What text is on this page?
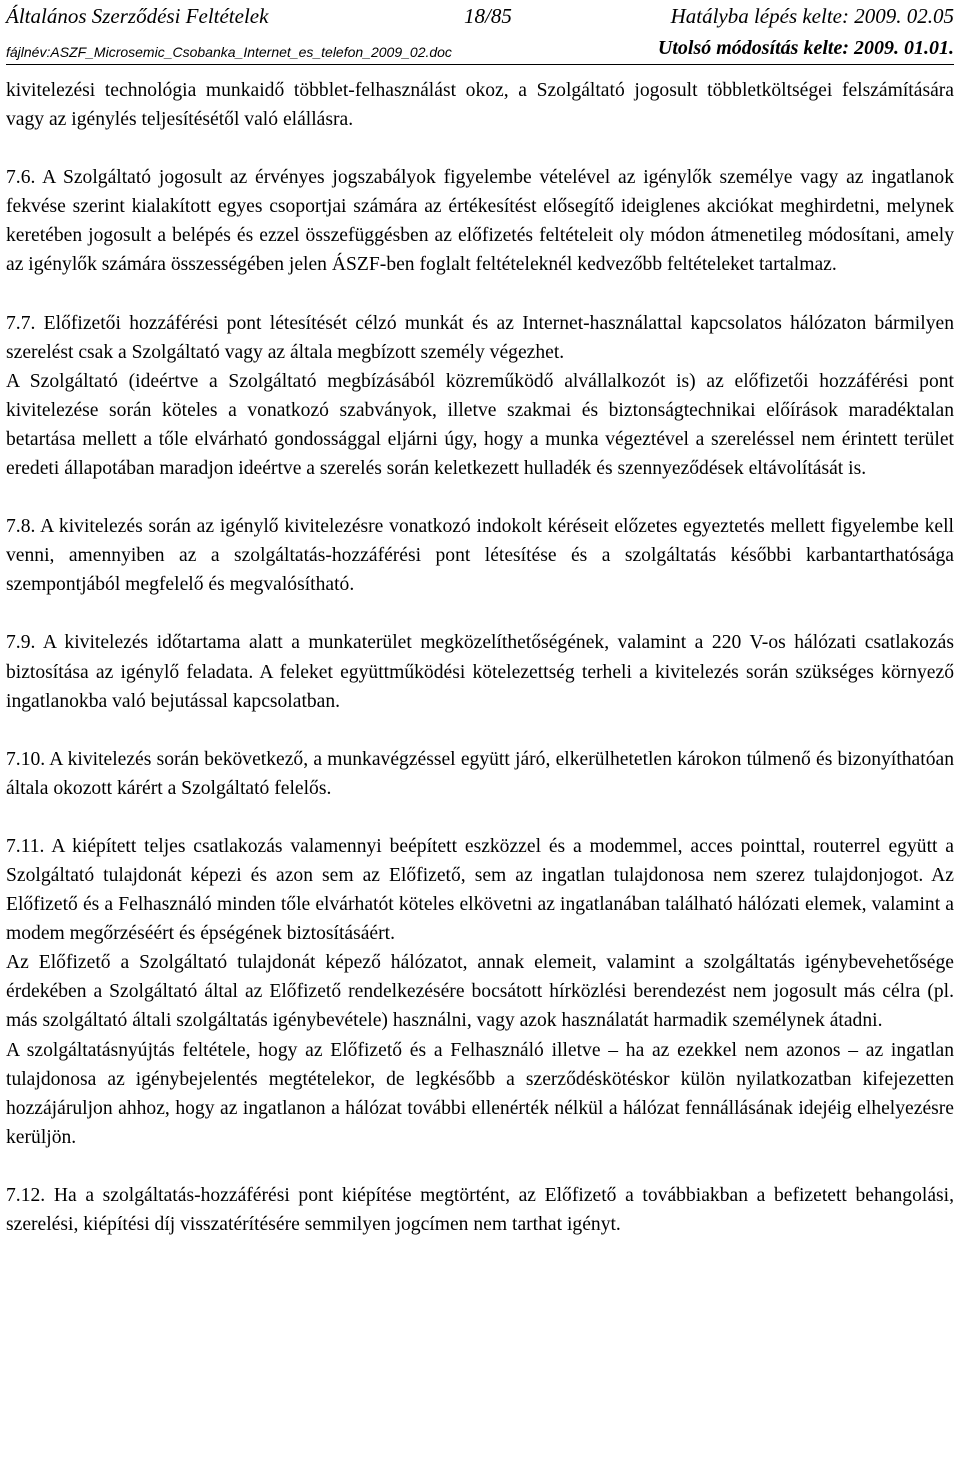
Általános Szerződési Feltételek	18/85	Hatályba lépés kelte: 2009. 02.05
fájlnév:ASZF_Microsemic_Csobanka_Internet_es_telefon_2009_02.doc	Utolsó módosítás kelte: 2009. 01.01.

kivitelezési technológia munkaidő többlet-felhasználást okoz, a Szolgáltató jogosult többletköltségei felszámítására vagy az igénylés teljesítésétől való elállásra.

7.6. A Szolgáltató jogosult az érvényes jogszabályok figyelembe vételével az igénylők személye vagy az ingatlanok fekvése szerint kialakított egyes csoportjai számára az értékesítést elősegítő ideiglenes akciókat meghirdetni, melynek keretében jogosult a belépés és ezzel összefüggésben az előfizetés feltételeit oly módon átmenetileg módosítani, amely az igénylők számára összességében jelen ÁSZF-ben foglalt feltételeknél kedvezőbb feltételeket tartalmaz.

7.7. Előfizetői hozzáférési pont létesítését célzó munkát és az Internet-használattal kapcsolatos hálózaton bármilyen szerelést csak a Szolgáltató vagy az általa megbízott személy végezhet.

A Szolgáltató (ideértve a Szolgáltató megbízásából közreműködő alvállalkozót is) az előfizetői hozzáférési pont kivitelezése során köteles a vonatkozó szabványok, illetve szakmai és biztonságtechnikai előírások maradéktalan betartása mellett a tőle elvárható gondossággal eljárni úgy, hogy a munka végeztével a szereléssel nem érintett terület eredeti állapotában maradjon ideértve a szerelés során keletkezett hulladék és szennyeződések eltávolítását is.

7.8. A kivitelezés során az igénylő kivitelezésre vonatkozó indokolt kéréseit előzetes egyeztetés mellett figyelembe kell venni, amennyiben az a szolgáltatás-hozzáférési pont létesítése és a szolgáltatás későbbi karbantarthatósága szempontjából megfelelő és megvalósítható.

7.9. A kivitelezés időtartama alatt a munkaterület megközelíthetőségének, valamint a 220 V-os hálózati csatlakozás biztosítása az igénylő feladata. A feleket együttműködési kötelezettség terheli a kivitelezés során szükséges környező ingatlanokba való bejutással kapcsolatban.

7.10. A kivitelezés során bekövetkező, a munkavégzéssel együtt járó, elkerülhetetlen károkon túlmenő és bizonyíthatóan általa okozott kárért a Szolgáltató felelős.

7.11. A kiépített teljes csatlakozás valamennyi beépített eszközzel és a modemmel, acces pointtal, routerrel együtt a Szolgáltató tulajdonát képezi és azon sem az Előfizető, sem az ingatlan tulajdonosa nem szerez tulajdonjogot. Az Előfizető és a Felhasználó minden tőle elvárhatót köteles elkövetni az ingatlanában található hálózati elemek, valamint a modem megőrzéséért és épségének biztosításáért.

Az Előfizető a Szolgáltató tulajdonát képező hálózatot, annak elemeit, valamint a szolgáltatás igénybevehetősége érdekében a Szolgáltató által az Előfizető rendelkezésére bocsátott hírközlési berendezést nem jogosult más célra (pl. más szolgáltató általi szolgáltatás igénybevétele) használni, vagy azok használatát harmadik személynek átadni.

A szolgáltatásnyújtás feltétele, hogy az Előfizető és a Felhasználó illetve – ha az ezekkel nem azonos – az ingatlan tulajdonosa az igénybejelentés megtételekor, de legkésőbb a szerződéskötéskor külön nyilatkozatban kifejezetten hozzájáruljon ahhoz, hogy az ingatlanon a hálózat további ellenérték nélkül a hálózat fennállásának idejéig elhelyezésre kerüljön.

7.12. Ha a szolgáltatás-hozzáférési pont kiépítése megtörtént, az Előfizető a továbbiakban a befizetett behangolási, szerelési, kiépítési díj visszatérítésére semmilyen jogcímen nem tarthat igényt.
